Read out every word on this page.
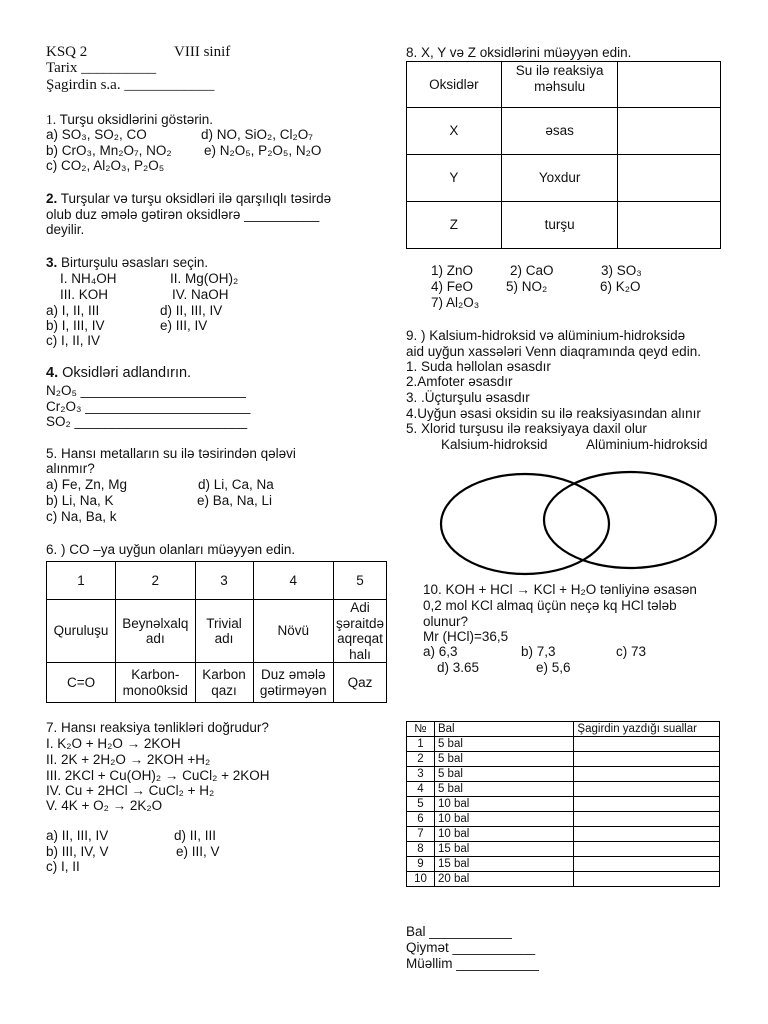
KSQ 2	VIII sinif
Tarix __________
Şagirdin s.a. ____________
1. Turşu oksidlərini göstərin.
a) SO₃, SO₂, CO	d) NO, SiO₂, Cl₂O₇
b) CrO₃, Mn₂O₇, NO₂ e) N₂O₅, P₂O₅, N₂O
c) CO₂, Al₂O₃, P₂O₅
2. Turşular və turşu oksidləri ilə qarşılıqlı təsirdə
olub duz əmələ gətirən oksidlərə __________
deyilir.
3. Birturşulu əsasları seçin.
I. NH₄OH	II. Mg(OH)₂
III. KOH	IV. NaOH
a) I, II, III	d) II, III, IV
b) I, III, IV	e) III, IV
c) I, II, IV
4. Oksidləri adlandırın.
N₂O₅ ______________________
Cr₂O₃ ______________________
SO₂ _______________________
5. Hansı metalların su ilə təsirindən qələvi
alınmır?
a) Fe, Zn, Mg	d) Li, Ca, Na
b) Li, Na, K	e) Ba, Na, Li
c) Na, Ba, k
6. ) CO –ya uyğun olanları müəyyən edin.
1	2	3	4	5
Quruluşu	Beynəlxalq adı	Trivial adı	Növü	Adi şəraitdə aqreqat halı
C=O	Karbon-mono0ksid	Karbon qazı	Duz əmələ gətirməyən	Qaz
7. Hansı reaksiya tənlikləri doğrudur?
I. K₂O + H₂O → 2KOH
II. 2K + 2H₂O → 2KOH +H₂
III. 2KCl + Cu(OH)₂ → CuCl₂ + 2KOH
IV. Cu + 2HCl → CuCl₂ + H₂
V. 4K + O₂ → 2K₂O
a) II, III, IV	d) II, III
b) III, IV, V	e) III, V
c) I, II
8. X, Y və Z oksidlərini müəyyən edin.
Oksidlər	Su ilə reaksiya məhsulu	
X	əsas	
Y	Yoxdur	
Z	turşu	
1) ZnO	2) CaO	3) SO₃
4) FeO 5) NO₂	6) K₂O
7) Al₂O₃
9. ) Kalsium-hidroksid və alüminium-hidroksidə
aid uyğun xassələri Venn diaqramında qeyd edin.
1. Suda həllolan əsasdır
2.Amfoter əsasdır
3. .Üçturşulu əsasdır
4.Uyğun əsasi oksidin su ilə reaksiyasından alınır
5. Xlorid turşusu ilə reaksiyaya daxil olur
Kalsium-hidroksid	Alüminium-hidroksid
10. KOH + HCl → KCl + H₂O tənliyinə əsasən
0,2 mol KCl almaq üçün neçə kq HCl tələb
olunur?
Mr (HCl)=36,5
a) 6,3	b) 7,3	c) 73
d) 3.65	e) 5,6
№	Bal	Şagirdin yazdığı suallar
1	5 bal	
2	5 bal	
3	5 bal	
4	5 bal	
5	10 bal	
6	10 bal	
7	10 bal	
8	15 bal	
9	15 bal	
10	20 bal	
Bal ___________
Qiymət ___________
Müəllim ___________
